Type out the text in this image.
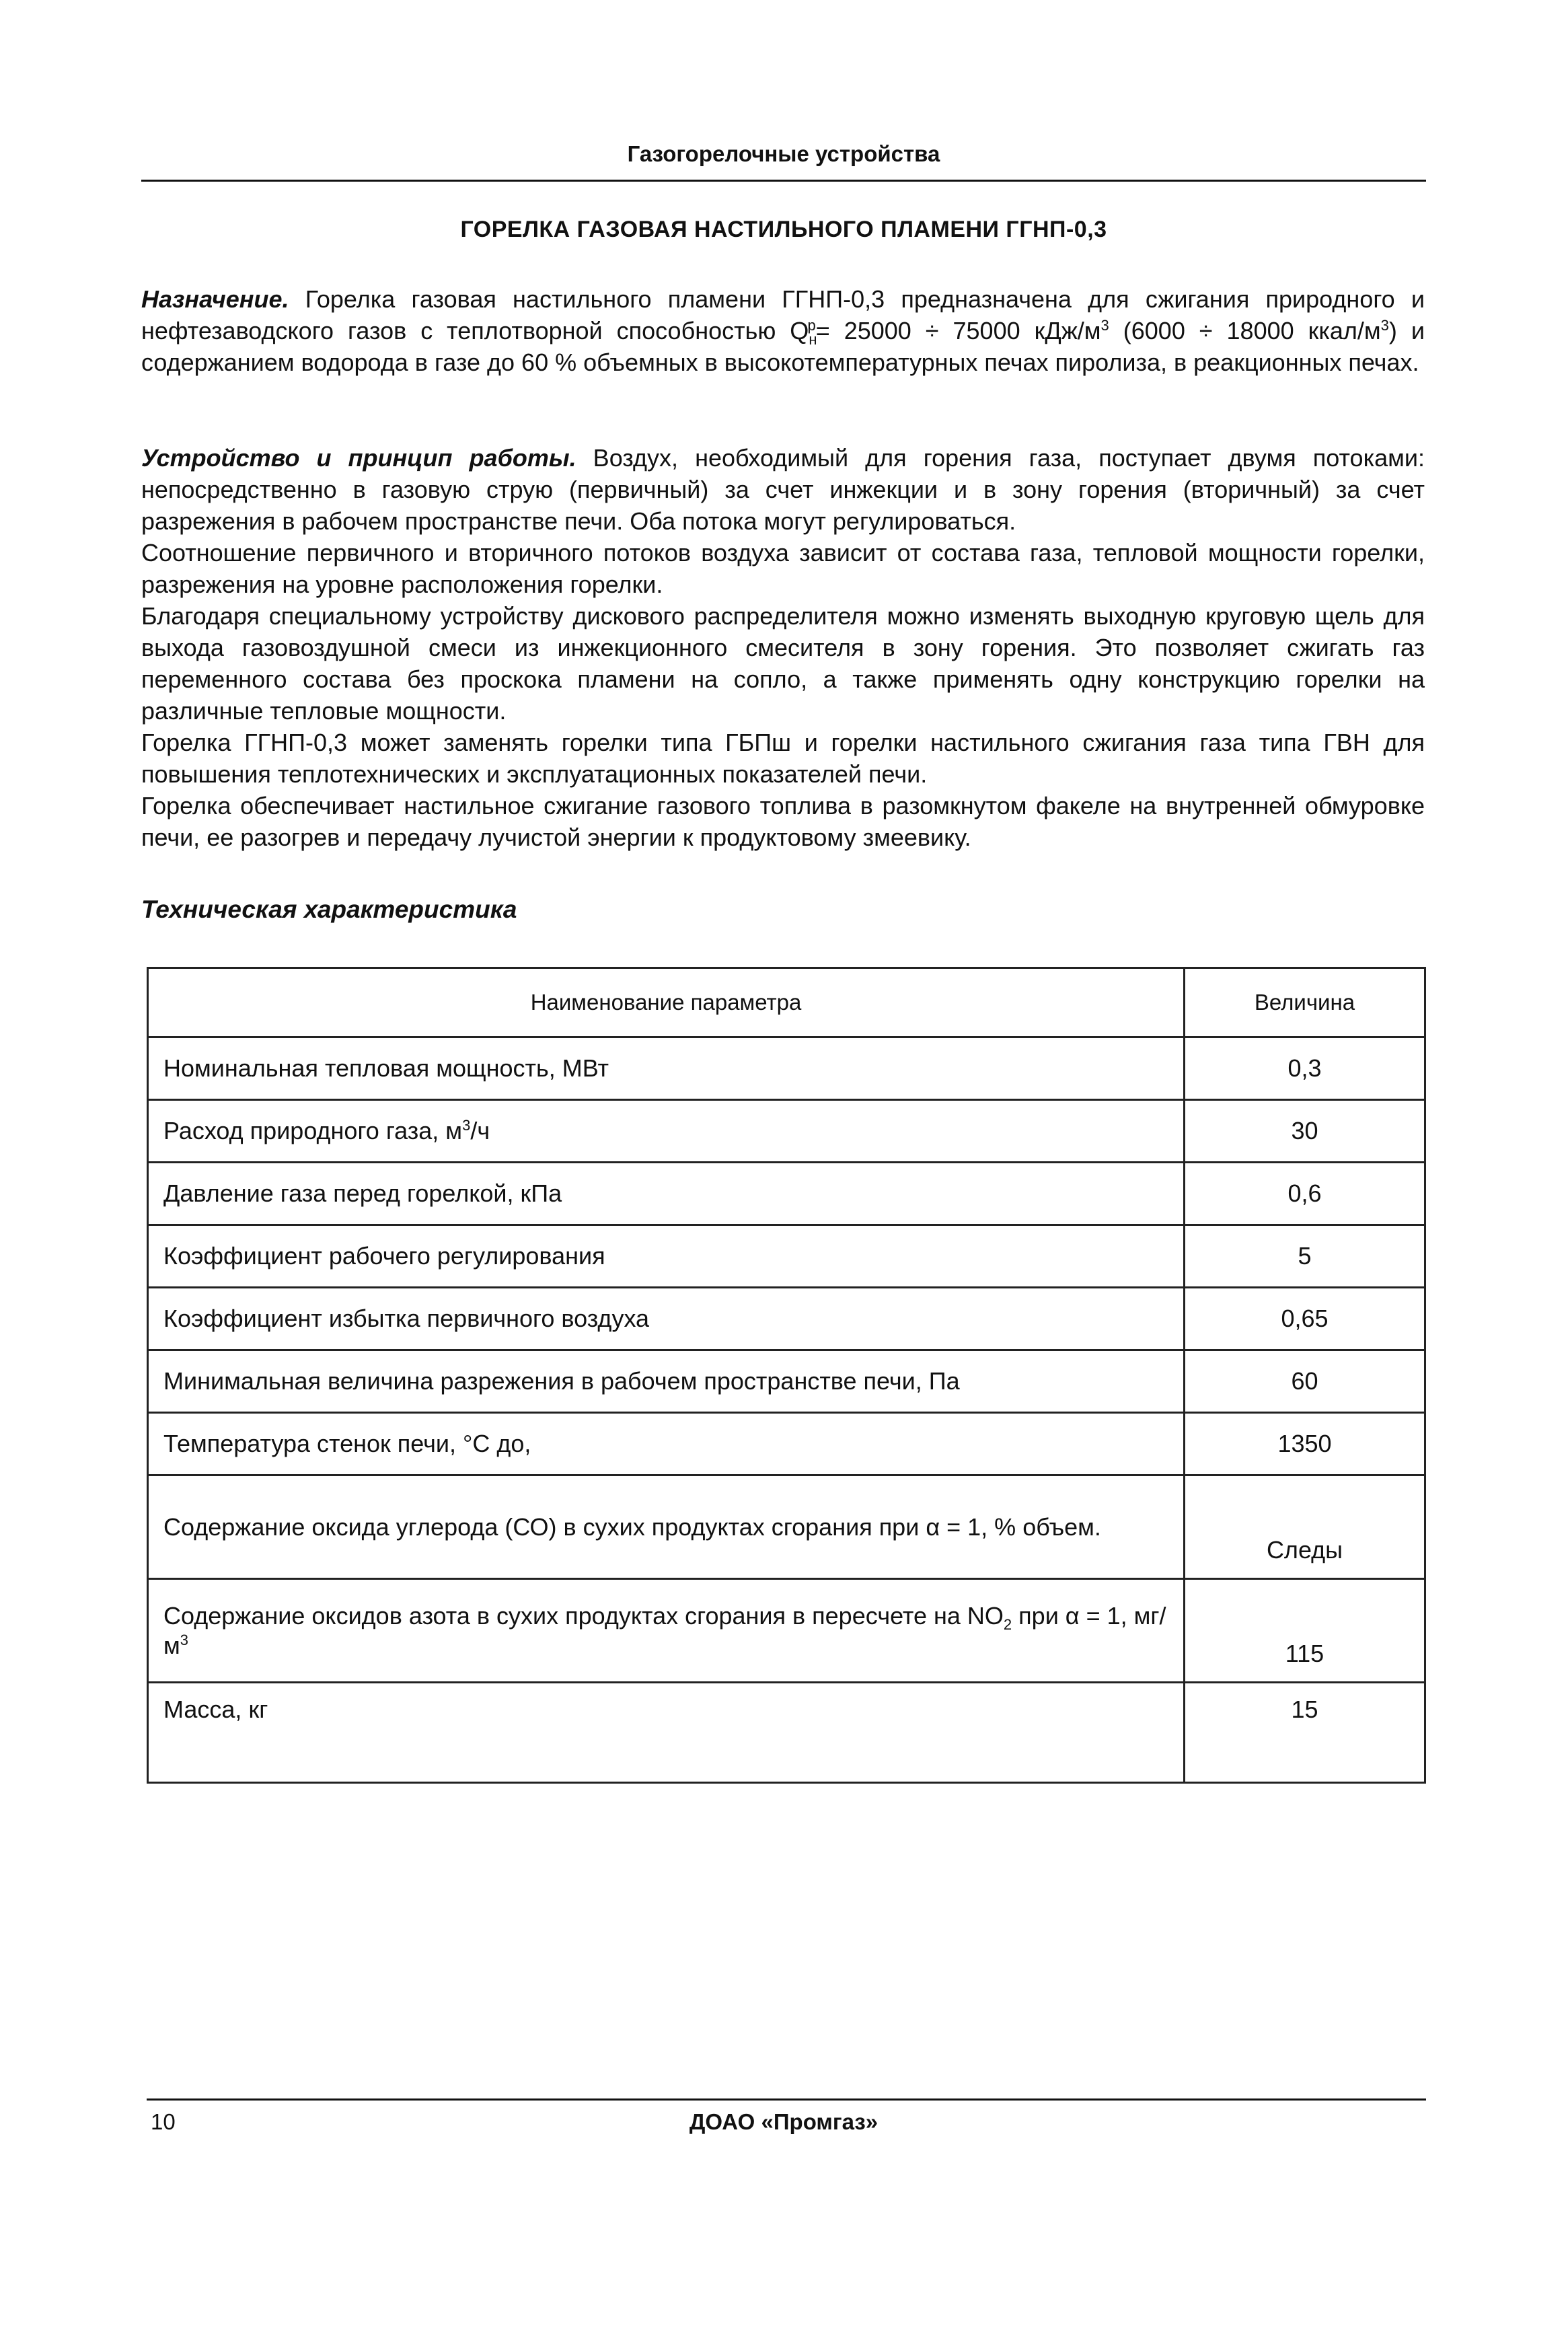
Газогорелочные устройства
ГОРЕЛКА ГАЗОВАЯ НАСТИЛЬНОГО ПЛАМЕНИ ГГНП-0,3

Назначение. Горелка газовая настильного пламени ГГНП-0,3 предназначена для сжигания природного и нефтезаводского газов с теплотворной способностью $Q_н^р= 25000 \div 75000$ кДж/$м^3$ (6000 ÷ 18000 ккал/$м^3$) и содержанием водорода в газе до 60 % объемных в высокотемпературных печах пиролиза, в реакционных печах.

Устройство и принцип работы. Воздух, необходимый для горения газа, поступает двумя потоками: непосредственно в газовую струю (первичный) за счет инжекции и в зону горения (вторичный) за счет разрежения в рабочем пространстве печи. Оба потока могут регулироваться.

Соотношение первичного и вторичного потоков воздуха зависит от состава газа, тепловой мощности горелки, разрежения на уровне расположения горелки.

Благодаря специальному устройству дискового распределителя можно изменять выходную круговую щель для выхода газовоздушной смеси из инжекционного смесителя в зону горения. Это позволяет сжигать газ переменного состава без проскока пламени на сопло, а также применять одну конструкцию горелки на различные тепловые мощности.

Горелка ГГНП-0,3 может заменять горелки типа ГБПш и горелки настильного сжигания газа типа ГВН для повышения теплотехнических и эксплуатационных показателей печи.

Горелка обеспечивает настильное сжигание газового топлива в разомкнутом факеле на внутренней обмуровке печи, ее разогрев и передачу лучистой энергии к продуктовому змеевику.

Техническая характеристика
Наименование параметра	Величина
Номинальная тепловая мощность, МВт	0,3
Расход природного газа, $м^3/ч$	30
Давление газа перед горелкой, кПа	0,6
Коэффициент рабочего регулирования	5
Коэффициент избытка первичного воздуха	0,65
Минимальная величина разрежения в рабочем пространстве печи, Па	60
Температура стенок печи, °С до,	1350
Содержание оксида углерода (СО) в сухих продуктах сгорания при α = 1, % объем.	Следы
Содержание оксидов азота в сухих продуктах сгорания в пересчете на $NO_2$ при α = 1, $мг/м^3$	115
Масса, кг	15
10	ДОАО «Промгаз»
